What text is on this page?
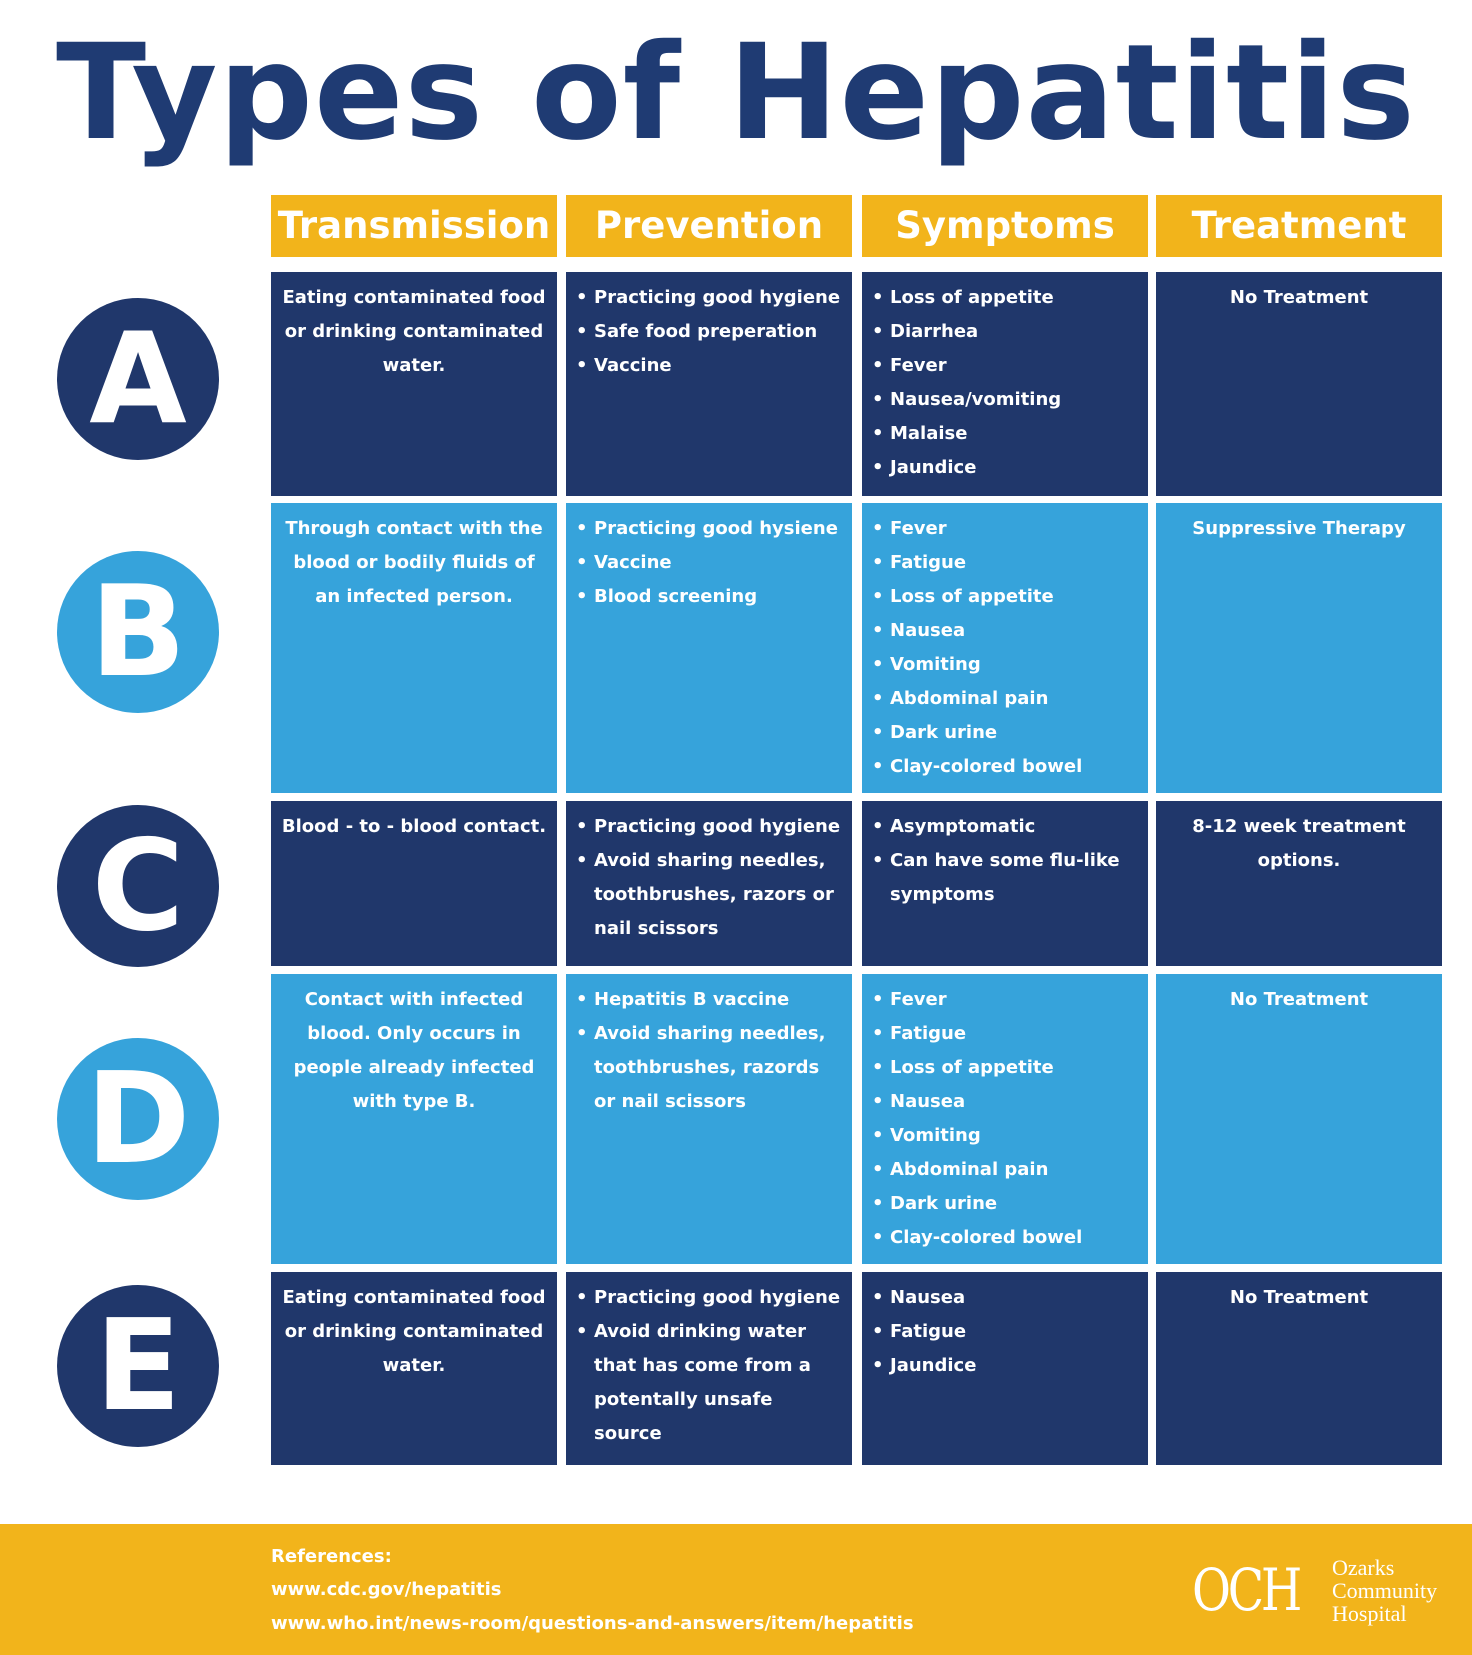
Types of Hepatitis
Transmission	Prevention	Symptoms	Treatment
A
Eating contaminated food or drinking contaminated water.
• Practicing good hygiene
• Safe food preperation
• Vaccine
• Loss of appetite
• Diarrhea
• Fever
• Nausea/vomiting
• Malaise
• Jaundice
No Treatment
B
Through contact with the blood or bodily fluids of an infected person.
• Practicing good hysiene
• Vaccine
• Blood screening
• Fever
• Fatigue
• Loss of appetite
• Nausea
• Vomiting
• Abdominal pain
• Dark urine
• Clay-colored bowel
Suppressive Therapy
C	Blood - to - blood contact.
•	Practicing good hygiene
• Avoid sharing needles, toothbrushes, razors or nail scissors
• Asymptomatic
• Can have some flu-like symptoms
8-12 week treatment options.
D
Contact with infected blood. Only occurs in people already infected with type B.
• Hepatitis B vaccine
• Avoid sharing needles, toothbrushes, razords or nail scissors
• Fever
• Fatigue
• Loss of appetite
• Nausea
• Vomiting
• Abdominal pain
• Dark urine
• Clay-colored bowel
No Treatment
E	Eating contaminated food or drinking contaminated water.
• Practicing good hygiene
• Avoid drinking water that has come from a potentally unsafe source
• Nausea
• Fatigue
• Jaundice
No Treatment
References:
www.cdc.gov/hepatitis
www.who.int/news-room/questions-and-answers/item/hepatitis	OCH Ozarks
Community
Hospital
